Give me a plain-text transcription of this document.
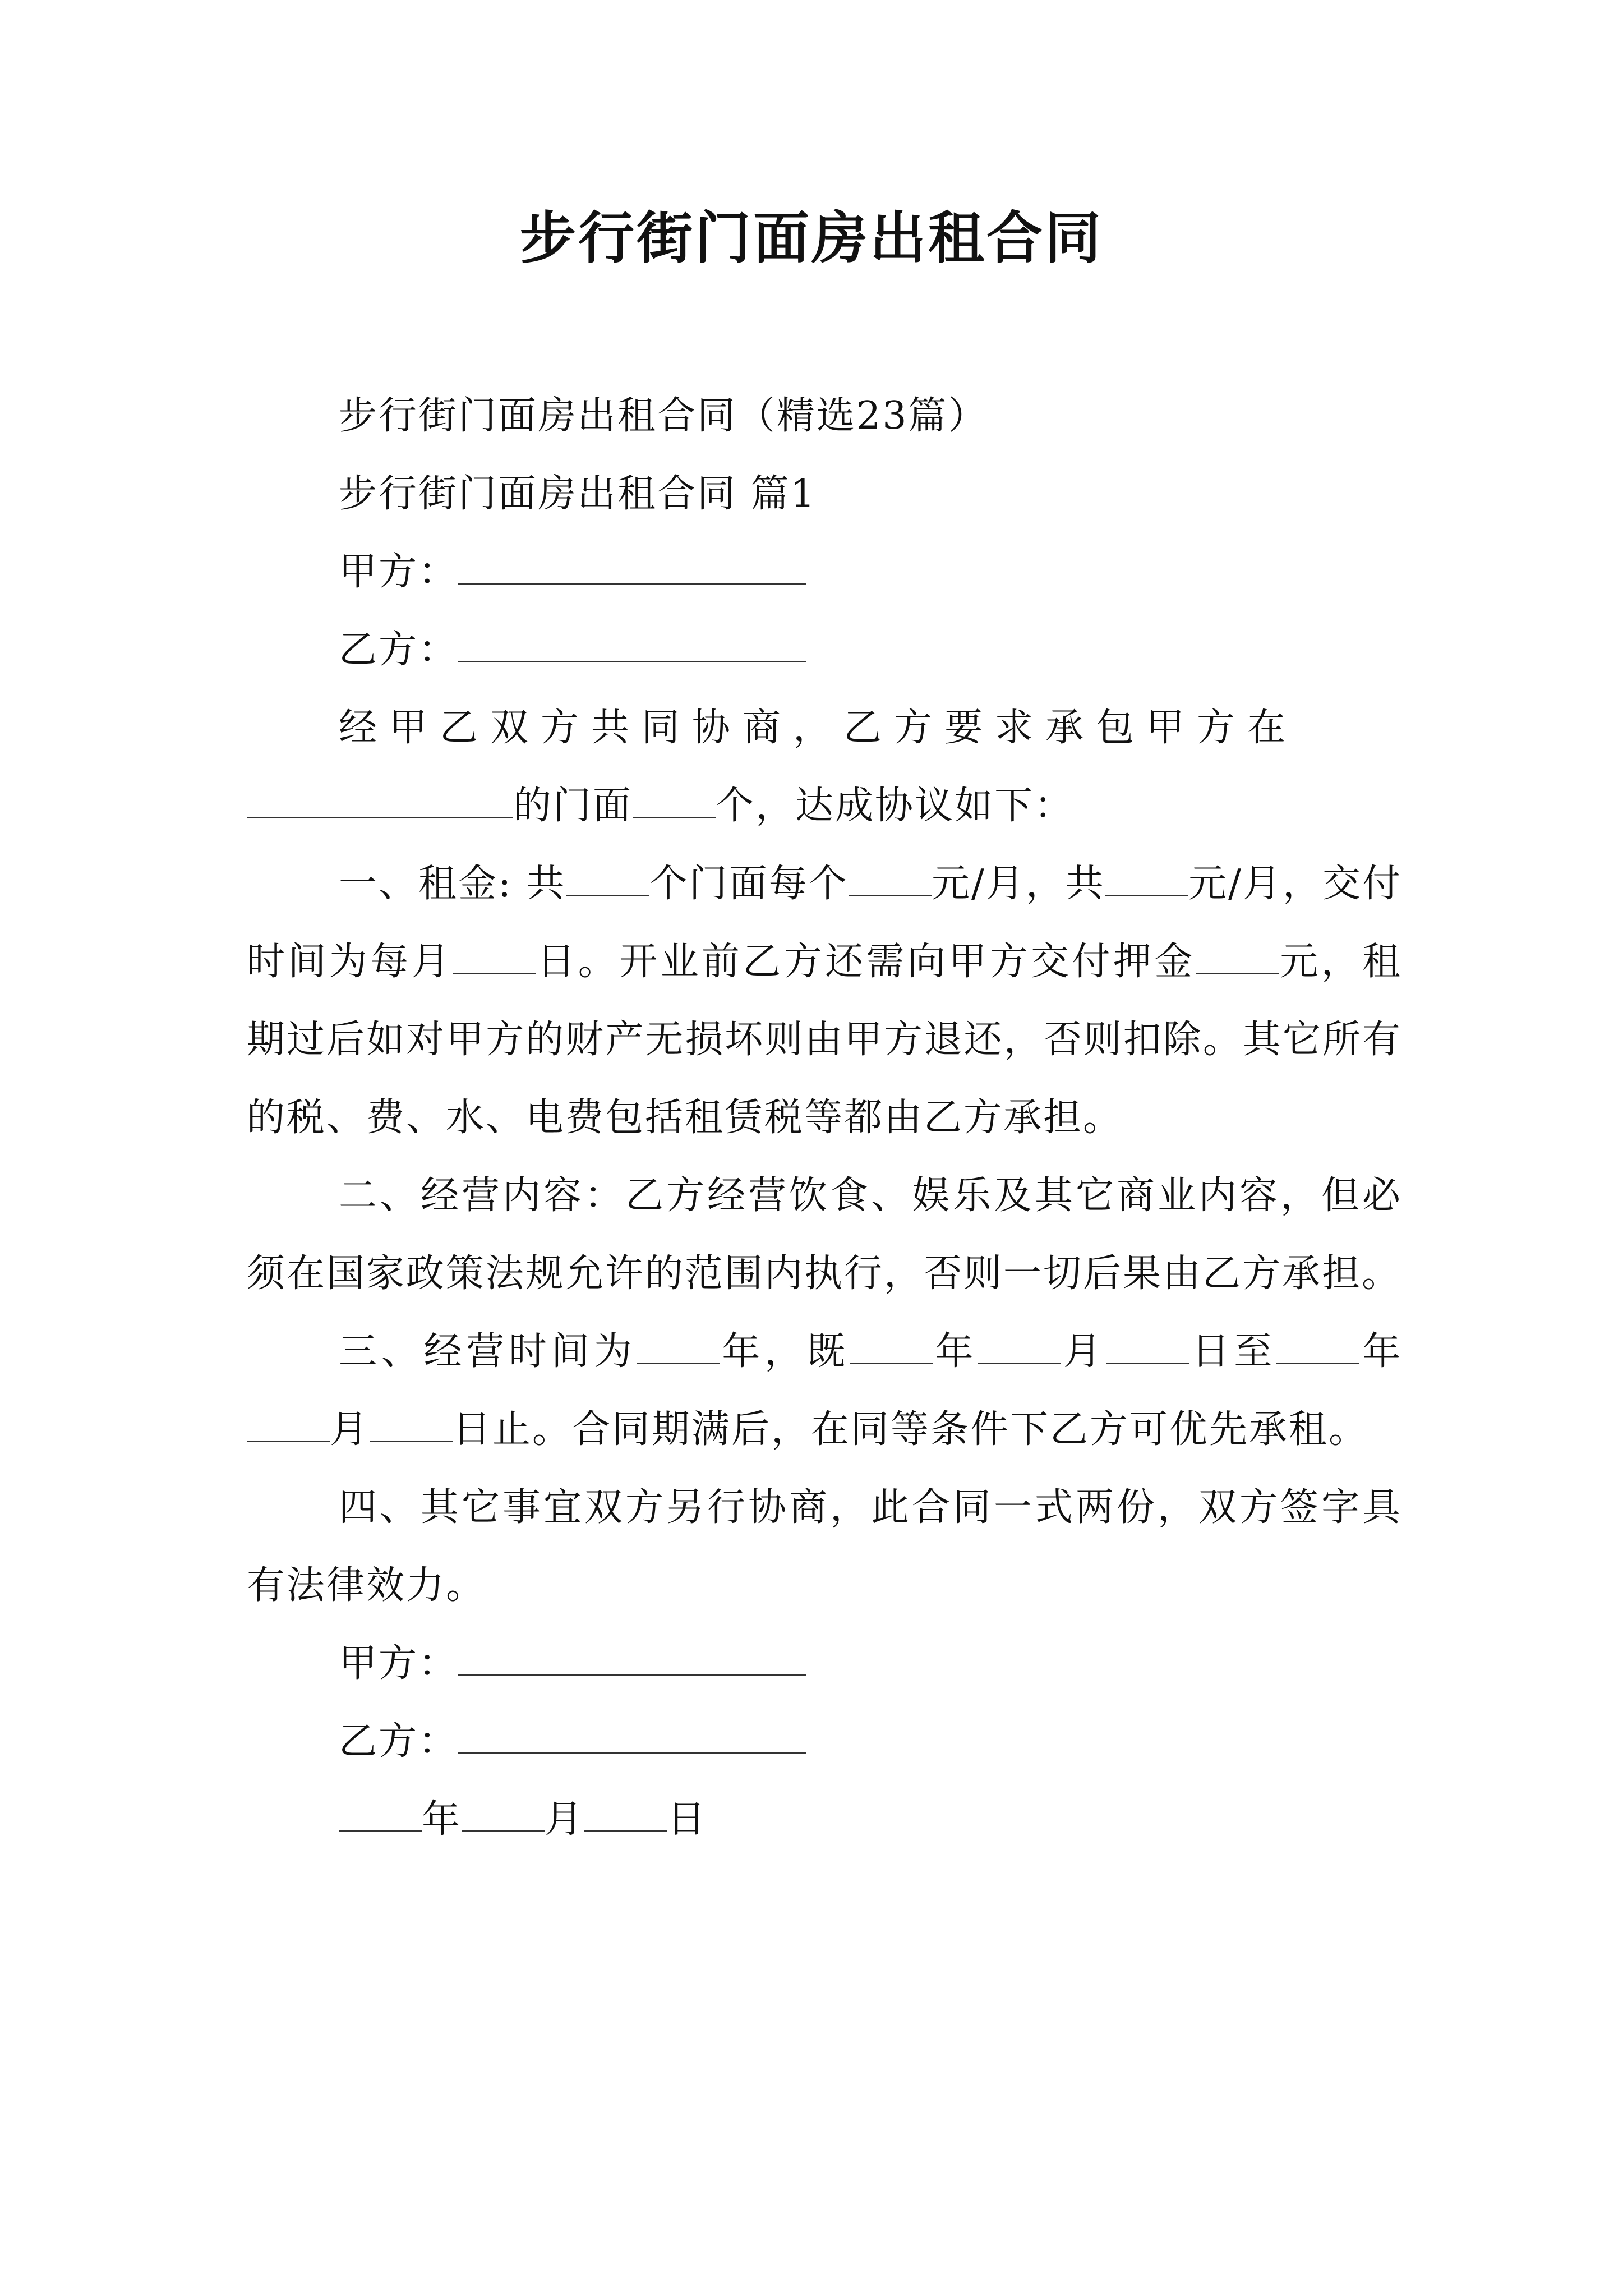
步行街门面房出租合同

步行街门面房出租合同（精选23篇）

步行街门面房出租合同 篇1

甲方：

乙方：

经甲乙双方共同协商，乙方要求承包甲方在
的门面 个，达成协议如下：

一、租金: 共 个门面每个 元/月，共 元/月，交付时间为每月 日。开业前乙方还需向甲方交付押金 元，租期过后如对甲方的财产无损坏则由甲方退还，否则扣除。其它所有的税、费、水、电费包括租赁税等都由乙方承担。

二、经营内容：乙方经营饮食、娱乐及其它商业内容，但必须在国家政策法规允许的范围内执行，否则一切后果由乙方承担。

三、经营时间为 年，既 年 月 日至 年月 日止。合同期满后，在同等条件下乙方可优先承租。

四、其它事宜双方另行协商，此合同一式两份，双方签字具有法律效力。

甲方：

乙方：

年 月 日
